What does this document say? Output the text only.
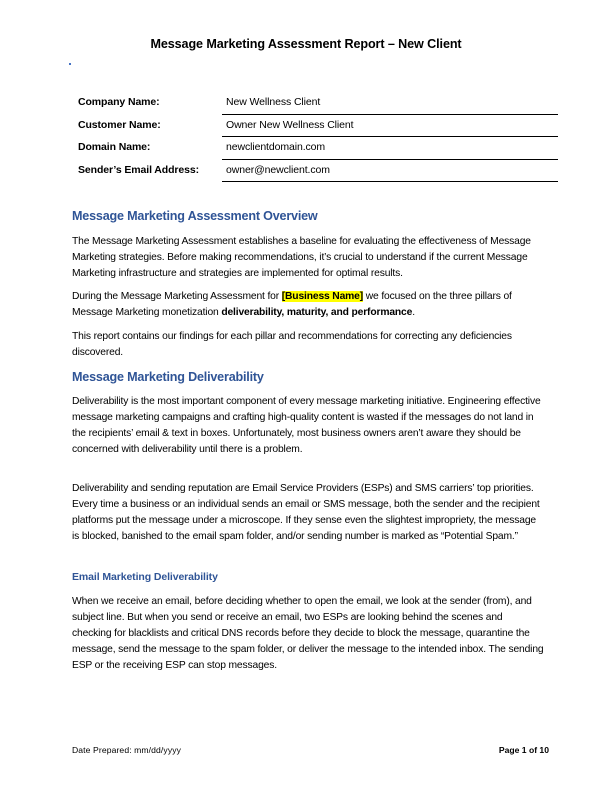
Message Marketing Assessment Report – New Client
Company Name:	New Wellness Client
Customer Name:	Owner New Wellness Client
Domain Name:	newclientdomain.com
Sender’s Email Address:	owner@newclient.com
Message Marketing Assessment Overview
The Message Marketing Assessment establishes a baseline for evaluating the effectiveness of Message Marketing strategies. Before making recommendations, it’s crucial to understand if the current Message Marketing infrastructure and strategies are implemented for optimal results.
During the Message Marketing Assessment for [Business Name] we focused on the three pillars of Message Marketing monetization deliverability, maturity, and performance.
This report contains our findings for each pillar and recommendations for correcting any deficiencies discovered.
Message Marketing Deliverability
Deliverability is the most important component of every message marketing initiative. Engineering effective message marketing campaigns and crafting high-quality content is wasted if the messages do not land in the recipients’ email & text in boxes. Unfortunately, most business owners aren’t aware they should be concerned with deliverability until there is a problem.
Deliverability and sending reputation are Email Service Providers (ESPs) and SMS carriers’ top priorities. Every time a business or an individual sends an email or SMS message, both the sender and the recipient platforms put the message under a microscope. If they sense even the slightest impropriety, the message is blocked, banished to the email spam folder, and/or sending number is marked as “Potential Spam.”
Email Marketing Deliverability
When we receive an email, before deciding whether to open the email, we look at the sender (from), and subject line. But when you send or receive an email, two ESPs are looking behind the scenes and checking for blacklists and critical DNS records before they decide to block the message, quarantine the message, send the message to the spam folder, or deliver the message to the intended inbox. The sending ESP or the receiving ESP can stop messages.
Date Prepared: mm/dd/yyyy	Page 1 of 10
